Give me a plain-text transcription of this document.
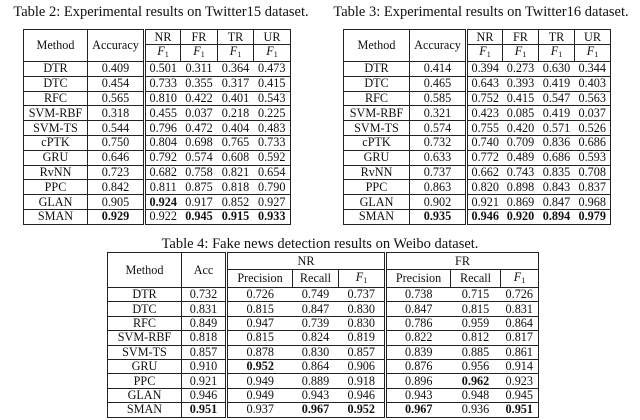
Table 2: Experimental results on Twitter15 dataset.	Table 3: Experimental results on Twitter16 dataset.
Method	Accuracy	NR	FR	TR	UR
		$F_1$	$F_1$	$F_1$	$F_1$
DTR	0.409	0.501	0.311	0.364	0.473
DTC	0.454	0.733	0.355	0.317	0.415
RFC	0.565	0.810	0.422	0.401	0.543
SVM-RBF	0.318	0.455	0.037	0.218	0.225
SVM-TS	0.544	0.796	0.472	0.404	0.483
cPTK	0.750	0.804	0.698	0.765	0.733
GRU	0.646	0.792	0.574	0.608	0.592
RvNN	0.723	0.682	0.758	0.821	0.654
PPC	0.842	0.811	0.875	0.818	0.790
GLAN	0.905	0.924	0.917	0.852	0.927
SMAN	0.929	0.922	0.945	0.915	0.933
Method	Accuracy	NR	FR	TR	UR
		$F_1$	$F_1$	$F_1$	$F_1$
DTR	0.414	0.394	0.273	0.630	0.344
DTC	0.465	0.643	0.393	0.419	0.403
RFC	0.585	0.752	0.415	0.547	0.563
SVM-RBF	0.321	0.423	0.085	0.419	0.037
SVM-TS	0.574	0.755	0.420	0.571	0.526
cPTK	0.732	0.740	0.709	0.836	0.686
GRU	0.633	0.772	0.489	0.686	0.593
RvNN	0.737	0.662	0.743	0.835	0.708
PPC	0.863	0.820	0.898	0.843	0.837
GLAN	0.902	0.921	0.869	0.847	0.968
SMAN	0.935	0.946	0.920	0.894	0.979
Table 4: Fake news detection results on Weibo dataset.
Method	Acc	NR			FR		
		Precision	Recall	$F_1$	Precision	Recall	$F_1$
DTR	0.732	0.726	0.749	0.737	0.738	0.715	0.726
DTC	0.831	0.815	0.847	0.830	0.847	0.815	0.831
RFC	0.849	0.947	0.739	0.830	0.786	0.959	0.864
SVM-RBF	0.818	0.815	0.824	0.819	0.822	0.812	0.817
SVM-TS	0.857	0.878	0.830	0.857	0.839	0.885	0.861
GRU	0.910	0.952	0.864	0.906	0.876	0.956	0.914
PPC	0.921	0.949	0.889	0.918	0.896	0.962	0.923
GLAN	0.946	0.949	0.943	0.946	0.943	0.948	0.945
SMAN	0.951	0.937	0.967	0.952	0.967	0.936	0.951
